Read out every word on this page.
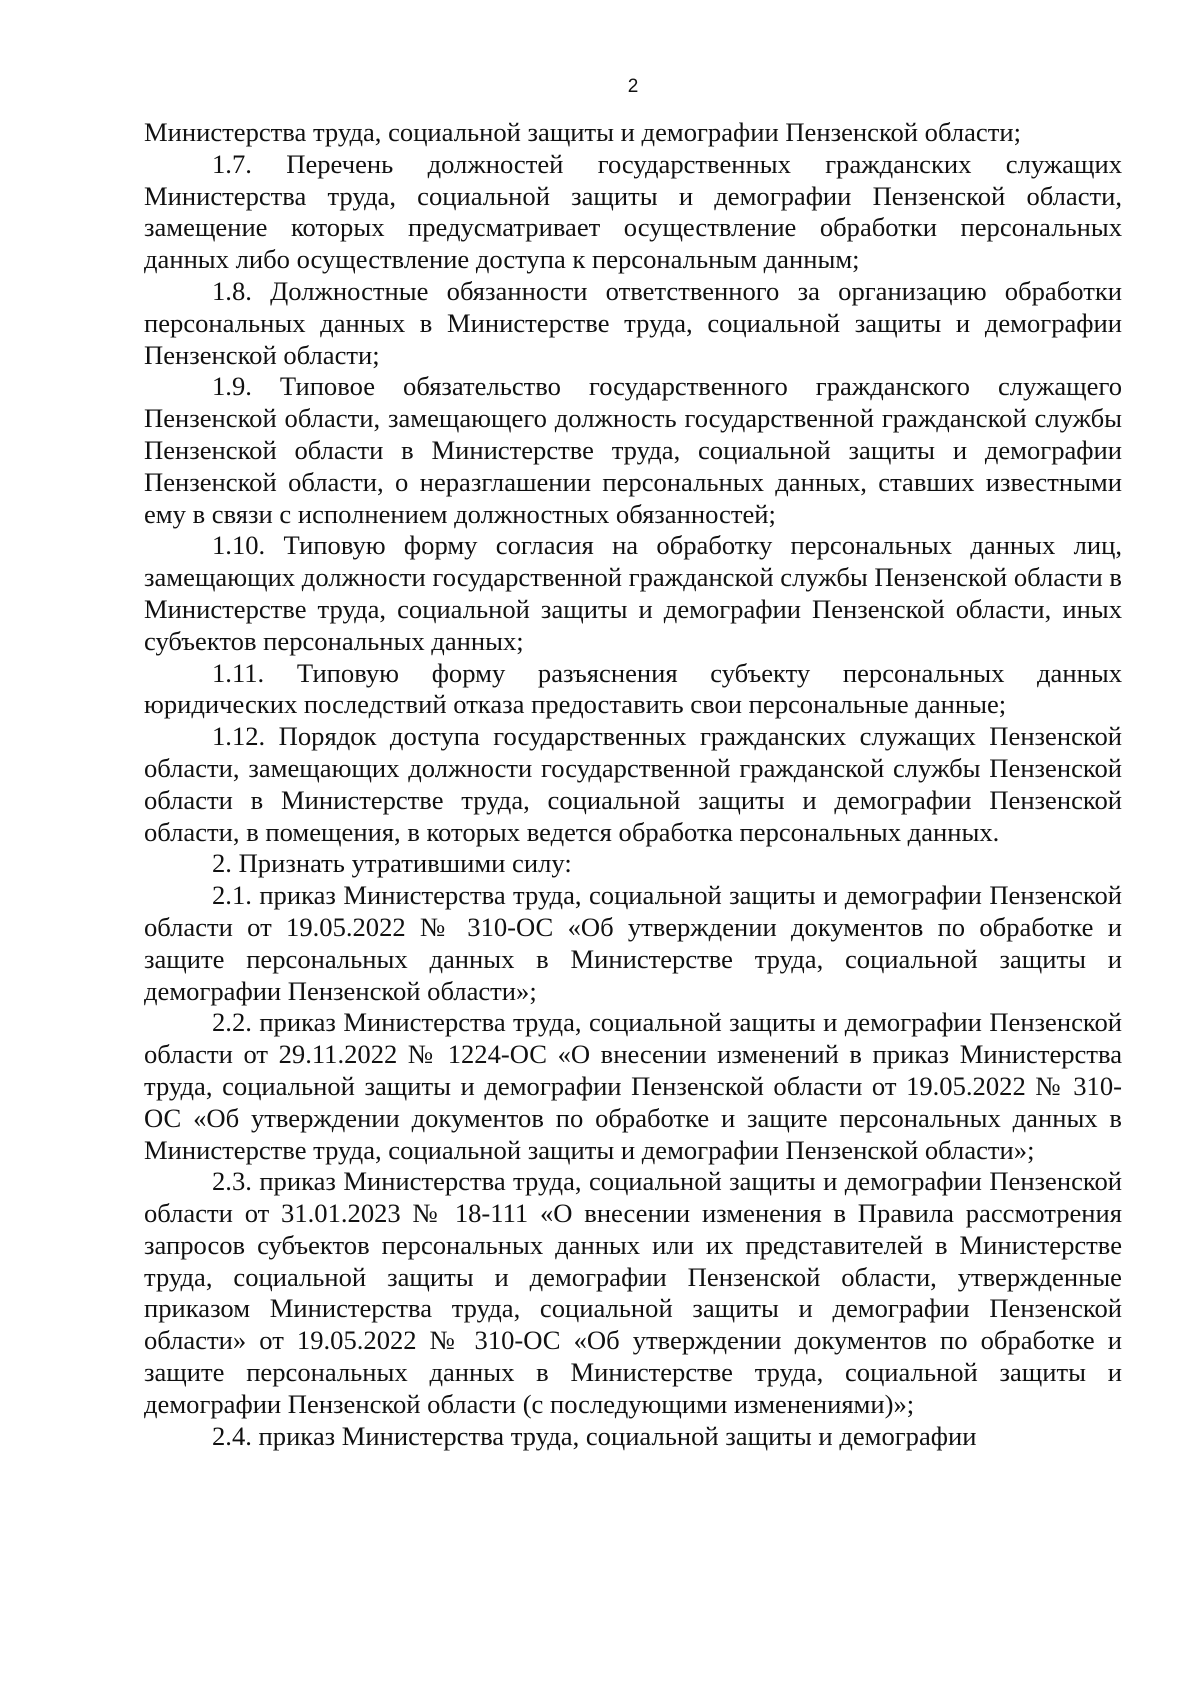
2

Министерства труда, социальной защиты и демографии Пензенской области;

1.7. Перечень должностей государственных гражданских служащих Министерства труда, социальной защиты и демографии Пензенской области, замещение которых предусматривает осуществление обработки персональных данных либо осуществление доступа к персональным данным;

1.8. Должностные обязанности ответственного за организацию обработки персональных данных в Министерстве труда, социальной защиты и демографии Пензенской области;

1.9. Типовое обязательство государственного гражданского служащего Пензенской области, замещающего должность государственной гражданской службы Пензенской области в Министерстве труда, социальной защиты и демографии Пензенской области, о неразглашении персональных данных, ставших известными ему в связи с исполнением должностных обязанностей;

1.10. Типовую форму согласия на обработку персональных данных лиц, замещающих должности государственной гражданской службы Пензенской области в Министерстве труда, социальной защиты и демографии Пензенской области, иных субъектов персональных данных;

1.11. Типовую форму разъяснения субъекту персональных данных юридических последствий отказа предоставить свои персональные данные;

1.12. Порядок доступа государственных гражданских служащих Пензенской области, замещающих должности государственной гражданской службы Пензенской области в Министерстве труда, социальной защиты и демографии Пензенской области, в помещения, в которых ведется обработка персональных данных.

2. Признать утратившими силу:

2.1. приказ Министерства труда, социальной защиты и демографии Пензенской области от 19.05.2022 № 310-ОС «Об утверждении документов по обработке и защите персональных данных в Министерстве труда, социальной защиты и демографии Пензенской области»;

2.2. приказ Министерства труда, социальной защиты и демографии Пензенской области от 29.11.2022 № 1224-ОС «О внесении изменений в приказ Министерства труда, социальной защиты и демографии Пензенской области от 19.05.2022 № 310-ОС «Об утверждении документов по обработке и защите персональных данных в Министерстве труда, социальной защиты и демографии Пензенской области»;

2.3. приказ Министерства труда, социальной защиты и демографии Пензенской области от 31.01.2023 № 18-111 «О внесении изменения в Правила рассмотрения запросов субъектов персональных данных или их представителей в Министерстве труда, социальной защиты и демографии Пензенской области, утвержденные приказом Министерства труда, социальной защиты и демографии Пензенской области» от 19.05.2022 № 310-ОС «Об утверждении документов по обработке и защите персональных данных в Министерстве труда, социальной защиты и демографии Пензенской области (с последующими изменениями)»;

2.4. приказ Министерства труда, социальной защиты и демографии
